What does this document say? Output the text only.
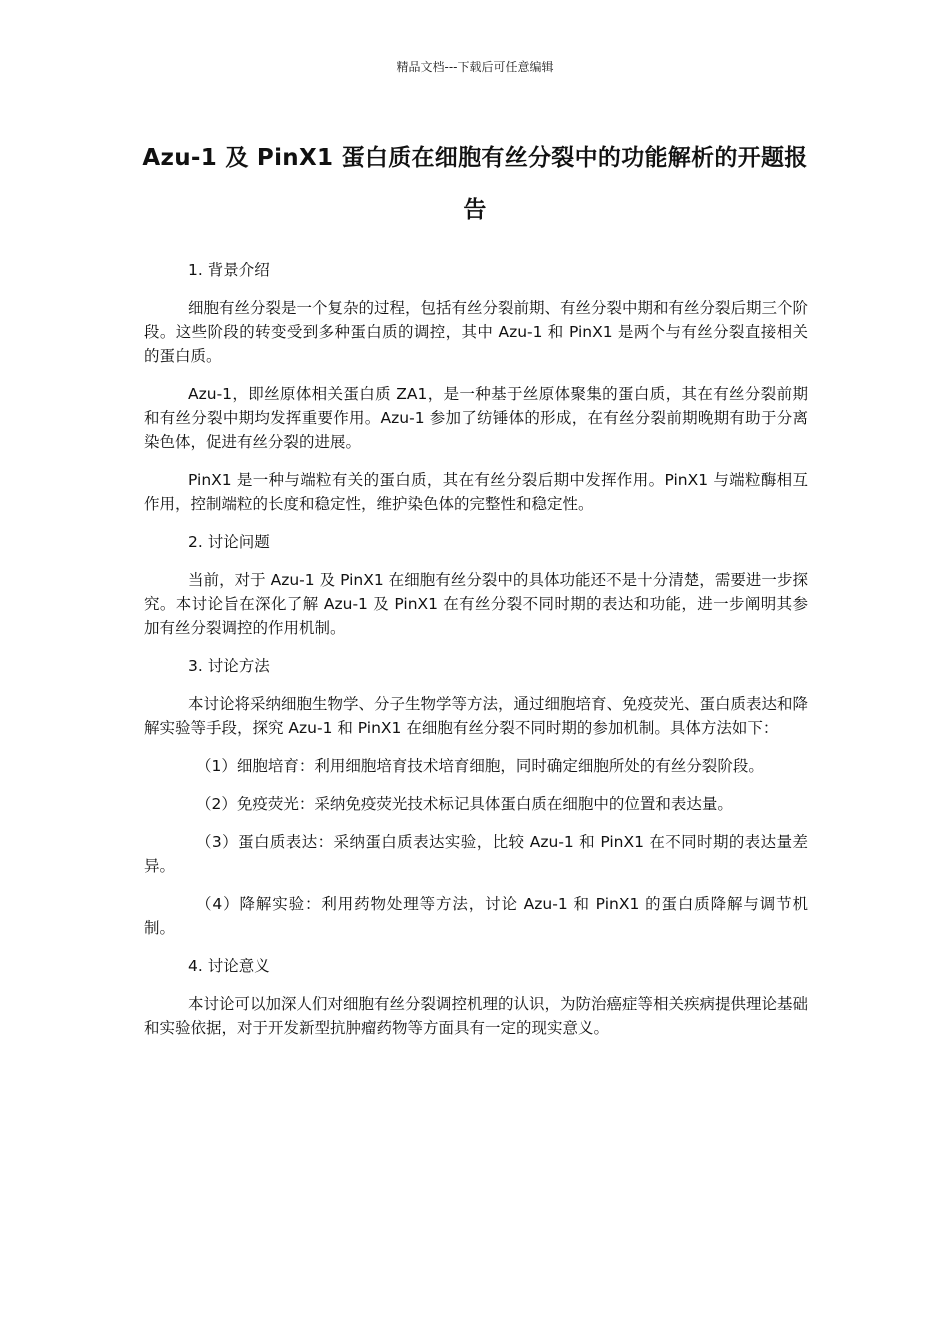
精品文档---下载后可任意编辑
Azu-1 及 PinX1 蛋白质在细胞有丝分裂中的功能解析的开题报告

1. 背景介绍

细胞有丝分裂是一个复杂的过程，包括有丝分裂前期、有丝分裂中期和有丝分裂后期三个阶段。这些阶段的转变受到多种蛋白质的调控，其中 Azu-1 和 PinX1 是两个与有丝分裂直接相关的蛋白质。

Azu-1，即丝原体相关蛋白质 ZA1，是一种基于丝原体聚集的蛋白质，其在有丝分裂前期和有丝分裂中期均发挥重要作用。Azu-1 参加了纺锤体的形成，在有丝分裂前期晚期有助于分离染色体，促进有丝分裂的进展。

PinX1 是一种与端粒有关的蛋白质，其在有丝分裂后期中发挥作用。PinX1 与端粒酶相互作用，控制端粒的长度和稳定性，维护染色体的完整性和稳定性。

2. 讨论问题

当前，对于 Azu-1 及 PinX1 在细胞有丝分裂中的具体功能还不是十分清楚，需要进一步探究。本讨论旨在深化了解 Azu-1 及 PinX1 在有丝分裂不同时期的表达和功能，进一步阐明其参加有丝分裂调控的作用机制。

3. 讨论方法

本讨论将采纳细胞生物学、分子生物学等方法，通过细胞培育、免疫荧光、蛋白质表达和降解实验等手段，探究 Azu-1 和 PinX1 在细胞有丝分裂不同时期的参加机制。具体方法如下：

（1）细胞培育：利用细胞培育技术培育细胞，同时确定细胞所处的有丝分裂阶段。

（2）免疫荧光：采纳免疫荧光技术标记具体蛋白质在细胞中的位置和表达量。

（3）蛋白质表达：采纳蛋白质表达实验，比较 Azu-1 和 PinX1 在不同时期的表达量差异。

（4）降解实验：利用药物处理等方法，讨论 Azu-1 和 PinX1 的蛋白质降解与调节机制。

4. 讨论意义

本讨论可以加深人们对细胞有丝分裂调控机理的认识，为防治癌症等相关疾病提供理论基础和实验依据，对于开发新型抗肿瘤药物等方面具有一定的现实意义。
